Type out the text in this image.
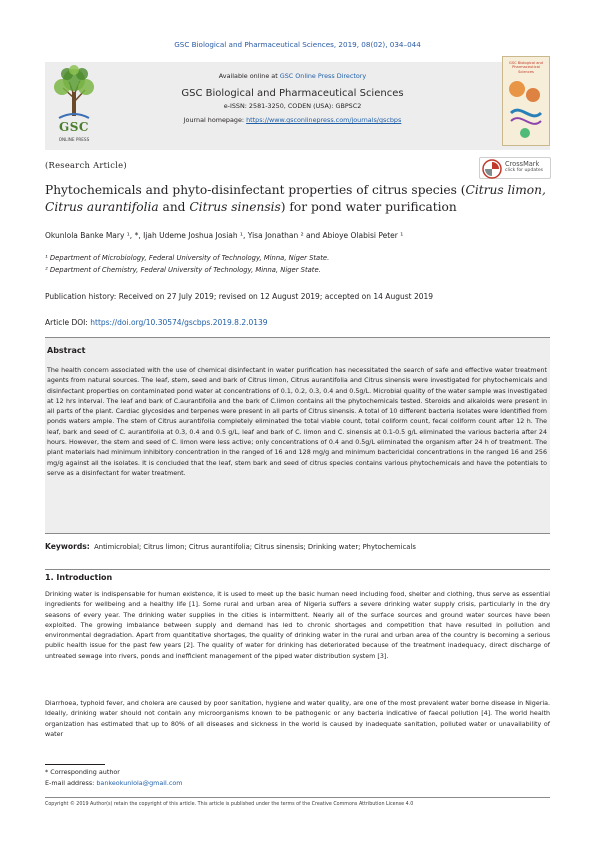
GSC Biological and Pharmaceutical Sciences, 2019, 08(02), 034–044
GSC
ONLINE PRESS
Available online at GSC Online Press Directory
GSC Biological and Pharmaceutical Sciences
e-ISSN: 2581-3250, CODEN (USA): GBPSC2
Journal homepage: https://www.gsconlinepress.com/journals/gscbps
GSC Biological and Pharmaceutical Sciences
(Research Article)	CrossMark
click for updates
Phytochemicals and phyto-disinfectant properties of citrus species (Citrus limon, Citrus aurantifolia and Citrus sinensis) for pond water purification
Okunlola Banke Mary ¹, *, Ijah Udeme Joshua Josiah ¹, Yisa Jonathan ² and Abioye Olabisi Peter ¹
¹ Department of Microbiology, Federal University of Technology, Minna, Niger State.
² Department of Chemistry, Federal University of Technology, Minna, Niger State.
Publication history: Received on 27 July 2019; revised on 12 August 2019; accepted on 14 August 2019
Article DOI: https://doi.org/10.30574/gscbps.2019.8.2.0139
Abstract
The health concern associated with the use of chemical disinfectant in water purification has necessitated the search of safe and effective water treatment agents from natural sources. The leaf, stem, seed and bark of Citrus limon, Citrus aurantifolia and Citrus sinensis were investigated for phytochemicals and disinfectant properties on contaminated pond water at concentrations of 0.1, 0.2, 0.3, 0.4 and 0.5g/L. Microbial quality of the water sample was investigated at 12 hrs interval. The leaf and bark of C.aurantifolia and the bark of C.limon contains all the phytochemicals tested. Steroids and alkaloids were present in all parts of the plant. Cardiac glycosides and terpenes were present in all parts of Citrus sinensis. A total of 10 different bacteria isolates were identified from ponds waters ample. The stem of Citrus aurantifolia completely eliminated the total viable count, total coliform count, fecal coliform count after 12 h. The leaf, bark and seed of C. aurantifolia at 0.3, 0.4 and 0.5 g/L, leaf and bark of C. limon and C. sinensis at 0.1-0.5 g/L eliminated the various bacteria after 24 hours. However, the stem and seed of C. limon were less active; only concentrations of 0.4 and 0.5g/L eliminated the organism after 24 h of treatment. The plant materials had minimum inhibitory concentration in the ranged of 16 and 128 mg/g and minimum bactericidal concentrations in the ranged 16 and 256 mg/g against all the isolates. It is concluded that the leaf, stem bark and seed of citrus species contains various phytochemicals and have the potentials to serve as a disinfectant for water treatment.
Keywords: Antimicrobial; Citrus limon; Citrus aurantifolia; Citrus sinensis; Drinking water; Phytochemicals
1. Introduction
Drinking water is indispensable for human existence, it is used to meet up the basic human need including food, shelter and clothing, thus serve as essential ingredients for wellbeing and a healthy life [1]. Some rural and urban area of Nigeria suffers a severe drinking water supply crisis, particularly in the dry seasons of every year. The drinking water supplies in the cities is intermittent. Nearly all of the surface sources and ground water sources have been exploited. The growing imbalance between supply and demand has led to chronic shortages and competition that have resulted in pollution and environmental degradation. Apart from quantitative shortages, the quality of drinking water in the rural and urban area of the country is becoming a serious public health issue for the past few years [2]. The quality of water for drinking has deteriorated because of the treatment inadequacy, direct discharge of untreated sewage into rivers, ponds and inefficient management of the piped water distribution system [3].
Diarrhoea, typhoid fever, and cholera are caused by poor sanitation, hygiene and water quality, are one of the most prevalent water borne disease in Nigeria. Ideally, drinking water should not contain any microorganisms known to be pathogenic or any bacteria indicative of faecal pollution [4]. The world health organization has estimated that up to 80% of all diseases and sickness in the world is caused by inadequate sanitation, polluted water or unavailability of water
* Corresponding author
E-mail address: bankeokunlola@gmail.com
Copyright © 2019 Author(s) retain the copyright of this article. This article is published under the terms of the Creative Commons Attribution License 4.0
